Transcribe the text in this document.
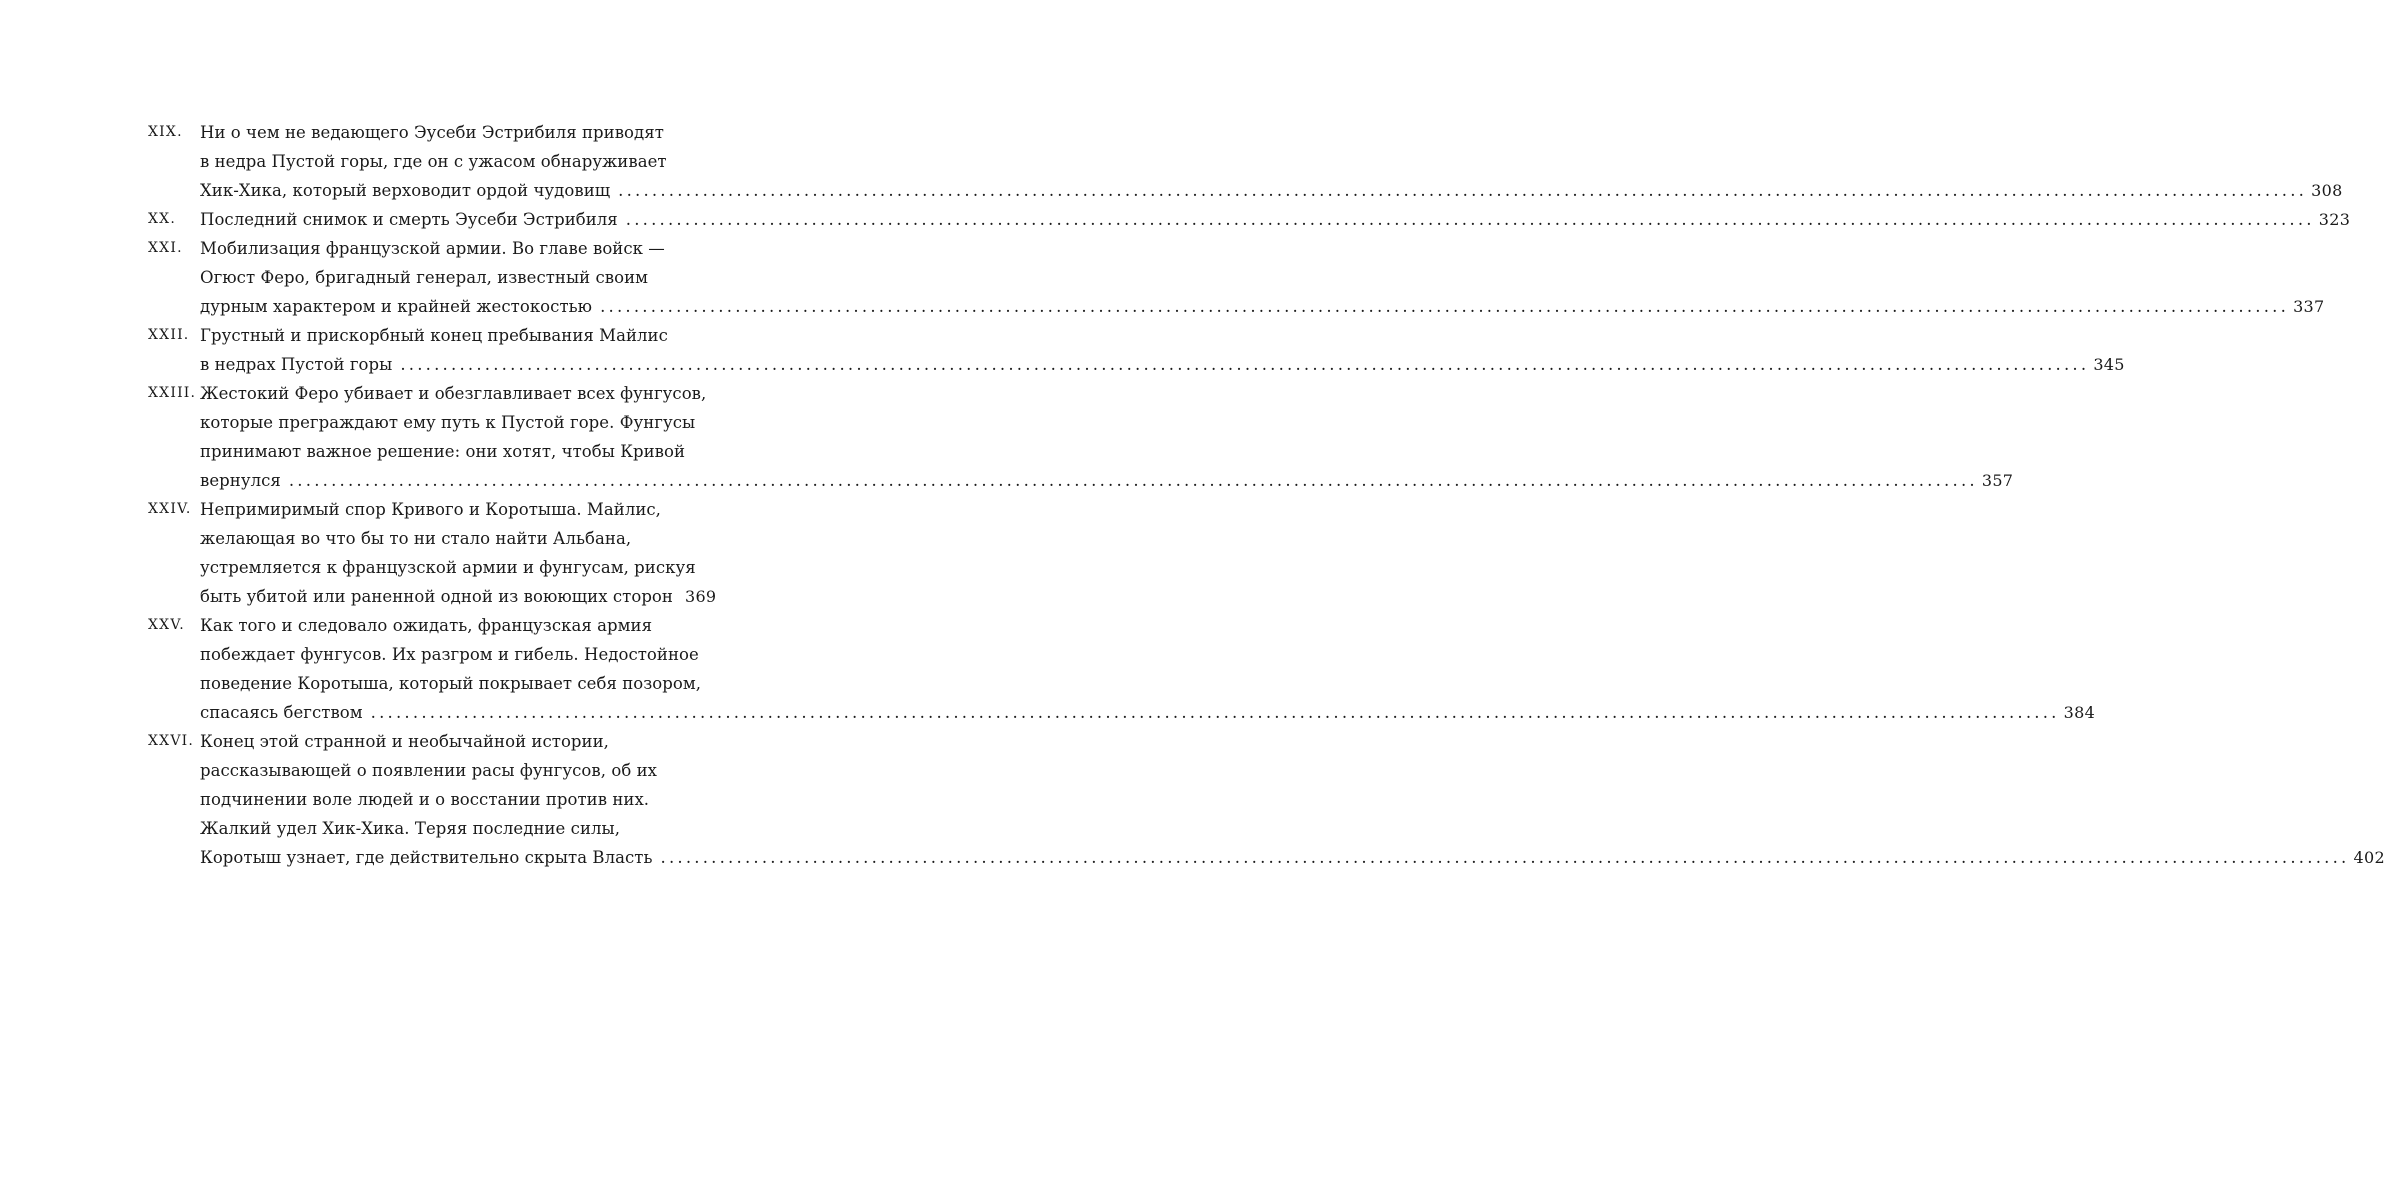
XIX. Ни о чем не ведающего Эусеби Эстрибиля приводят
в недра Пустой горы, где он с ужасом обнаруживает
Хик-Хика, который верховодит ордой чудовищ ........................................................................................................................................................................................................ 308
XX. Последний снимок и смерть Эусеби Эстрибиля ........................................................................................................................................................................................................ 323
XXI. Мобилизация французской армии. Во главе войск —
Огюст Феро, бригадный генерал, известный своим
дурным характером и крайней жестокостью ........................................................................................................................................................................................................ 337
XXII. Грустный и прискорбный конец пребывания Майлис
в недрах Пустой горы ........................................................................................................................................................................................................ 345
XXIII. Жестокий Феро убивает и обезглавливает всех фунгусов,
которые преграждают ему путь к Пустой горе. Фунгусы
принимают важное решение: они хотят, чтобы Кривой
вернулся ........................................................................................................................................................................................................ 357
XXIV. Непримиримый спор Кривого и Коротыша. Майлис,
желающая во что бы то ни стало найти Альбана,
устремляется к французской армии и фунгусам, рискуя
быть убитой или раненной одной из воюющих сторон 369
XXV. Как того и следовало ожидать, французская армия
побеждает фунгусов. Их разгром и гибель. Недостойное
поведение Коротыша, который покрывает себя позором,
спасаясь бегством ........................................................................................................................................................................................................ 384
XXVI. Конец этой странной и необычайной истории,
рассказывающей о появлении расы фунгусов, об их
подчинении воле людей и о восстании против них.
Жалкий удел Хик-Хика. Теряя последние силы,
Коротыш узнает, где действительно скрыта Власть ........................................................................................................................................................................................................ 402
